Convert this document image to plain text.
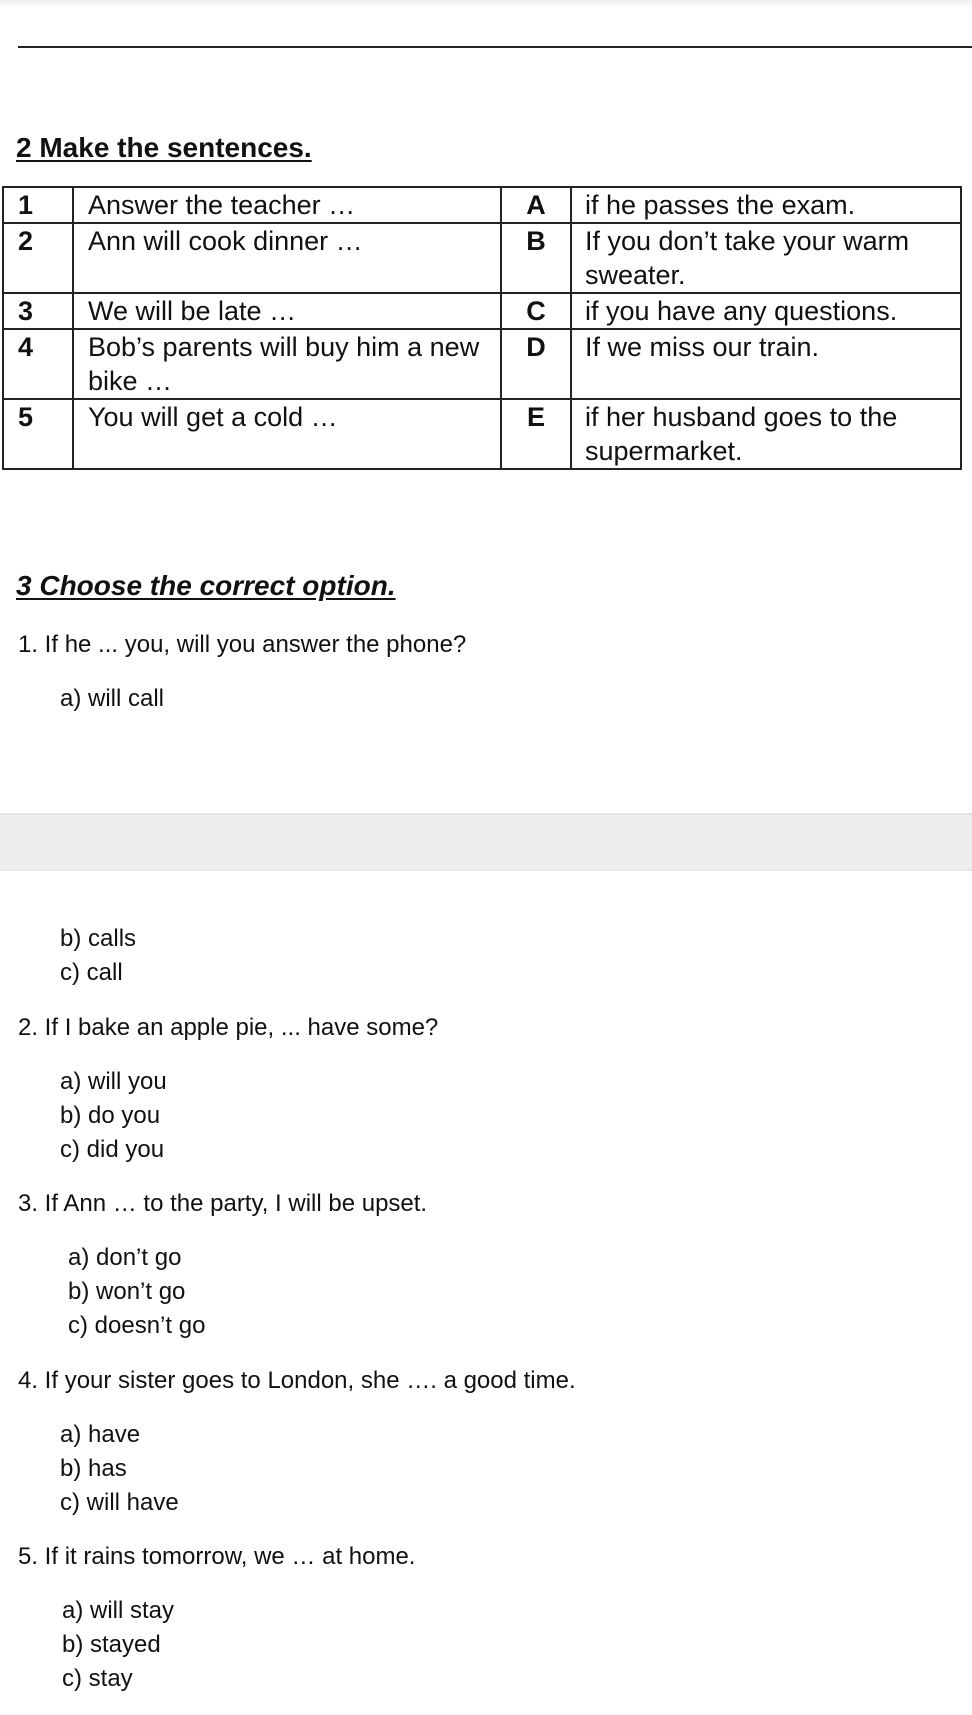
2 Make the sentences.
1	Answer the teacher …	A	if he passes the exam.
2	Ann will cook dinner …	B	If you don’t take your warm sweater.
3	We will be late …	C	if you have any questions.
4	Bob’s parents will buy him a new bike …	D	If we miss our train.
5	You will get a cold …	E	if her husband goes to the supermarket.
3 Choose the correct option.
1. If he ... you, will you answer the phone?
a) will call
b) calls
c) call
2. If I bake an apple pie, ... have some?
a) will you
b) do you
c) did you
3. If Ann … to the party, I will be upset.
a) don’t go
b) won’t go
c) doesn’t go
4. If your sister goes to London, she …. a good time.
a) have
b) has
c) will have
5. If it rains tomorrow, we … at home.
a) will stay
b) stayed
c) stay
